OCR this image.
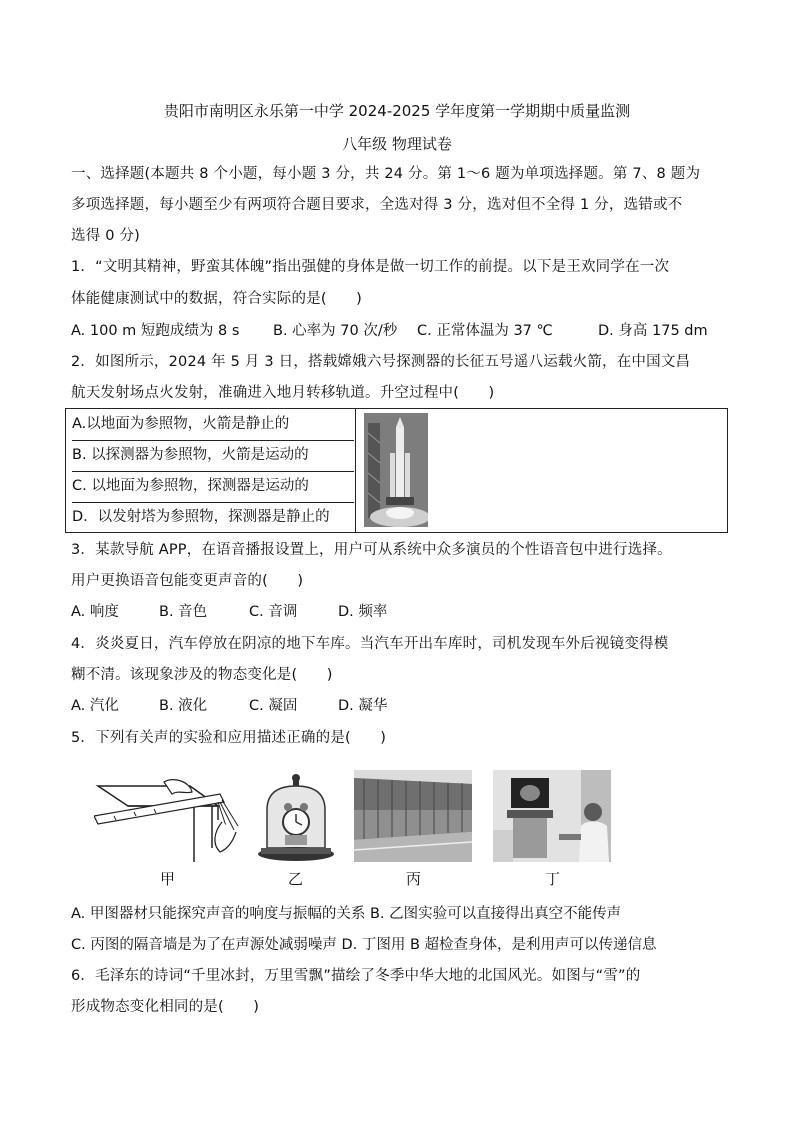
贵阳市南明区永乐第一中学 2024-2025 学年度第一学期期中质量监测
八年级 物理试卷
一、选择题(本题共 8 个小题，每小题 3 分，共 24 分。第 1～6 题为单项选择题。第 7、8 题为
多项选择题，每小题至少有两项符合题目要求，全选对得 3 分，选对但不全得 1 分，选错或不
选得 0 分)
1．“文明其精神，野蛮其体魄”指出强健的身体是做一切工作的前提。以下是王欢同学在一次
体能健康测试中的数据，符合实际的是(　　)
A. 100 m 短跑成绩为 8 s B. 心率为 70 次/秒 C. 正常体温为 37 ℃	D. 身高 175 dm
2．如图所示，2024 年 5 月 3 日，搭载嫦娥六号探测器的长征五号遥八运载火箭，在中国文昌
航天发射场点火发射，准确进入地月转移轨道。升空过程中(　　)
A.以地面为参照物，火箭是静止的
B. 以探测器为参照物，火箭是运动的
C. 以地面为参照物，探测器是运动的
D．以发射塔为参照物，探测器是静止的
3．某款导航 APP，在语音播报设置上，用户可从系统中众多演员的个性语音包中进行选择。
用户更换语音包能变更声音的(　　)
A. 响度	B. 音色	C. 音调	D. 频率
4．炎炎夏日，汽车停放在阴凉的地下车库。当汽车开出车库时，司机发现车外后视镜变得模
糊不清。该现象涉及的物态变化是(　　)
A. 汽化	B. 液化	C. 凝固	D. 凝华
5．下列有关声的实验和应用描述正确的是(　　)
甲	乙	丙	丁
A. 甲图器材只能探究声音的响度与振幅的关系 B. 乙图实验可以直接得出真空不能传声
C. 丙图的隔音墙是为了在声源处减弱噪声 D. 丁图用 B 超检查身体，是利用声可以传递信息
6．毛泽东的诗词“千里冰封，万里雪飘”描绘了冬季中华大地的北国风光。如图与“雪”的
形成物态变化相同的是(　　)
